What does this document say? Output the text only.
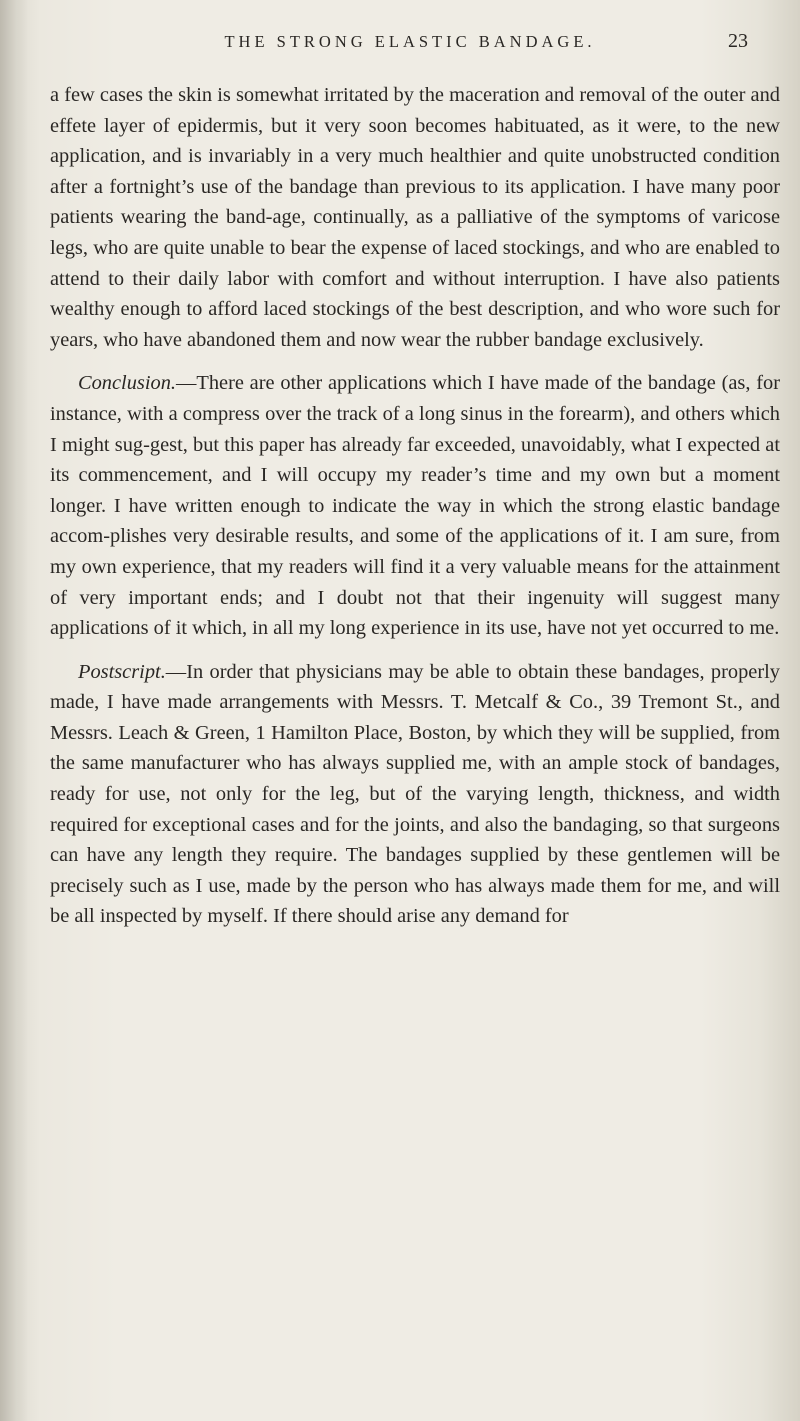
THE STRONG ELASTIC BANDAGE.	23

a few cases the skin is somewhat irritated by the maceration and removal of the outer and effete layer of epidermis, but it very soon becomes habituated, as it were, to the new application, and is invariably in a very much healthier and quite unobstructed condition after a fortnight’s use of the bandage than previous to its application. I have many poor patients wearing the band-age, continually, as a palliative of the symptoms of varicose legs, who are quite unable to bear the expense of laced stockings, and who are enabled to attend to their daily labor with comfort and without interruption. I have also patients wealthy enough to afford laced stockings of the best description, and who wore such for years, who have abandoned them and now wear the rubber bandage exclusively.

Conclusion.—There are other applications which I have made of the bandage (as, for instance, with a compress over the track of a long sinus in the forearm), and others which I might sug-gest, but this paper has already far exceeded, unavoidably, what I expected at its commencement, and I will occupy my reader’s time and my own but a moment longer. I have written enough to indicate the way in which the strong elastic bandage accom-plishes very desirable results, and some of the applications of it. I am sure, from my own experience, that my readers will find it a very valuable means for the attainment of very important ends; and I doubt not that their ingenuity will suggest many applications of it which, in all my long experience in its use, have not yet occurred to me.

Postscript.—In order that physicians may be able to obtain these bandages, properly made, I have made arrangements with Messrs. T. Metcalf & Co., 39 Tremont St., and Messrs. Leach & Green, 1 Hamilton Place, Boston, by which they will be supplied, from the same manufacturer who has always supplied me, with an ample stock of bandages, ready for use, not only for the leg, but of the varying length, thickness, and width required for exceptional cases and for the joints, and also the bandaging, so that surgeons can have any length they require. The bandages supplied by these gentlemen will be precisely such as I use, made by the person who has always made them for me, and will be all inspected by myself. If there should arise any demand for
